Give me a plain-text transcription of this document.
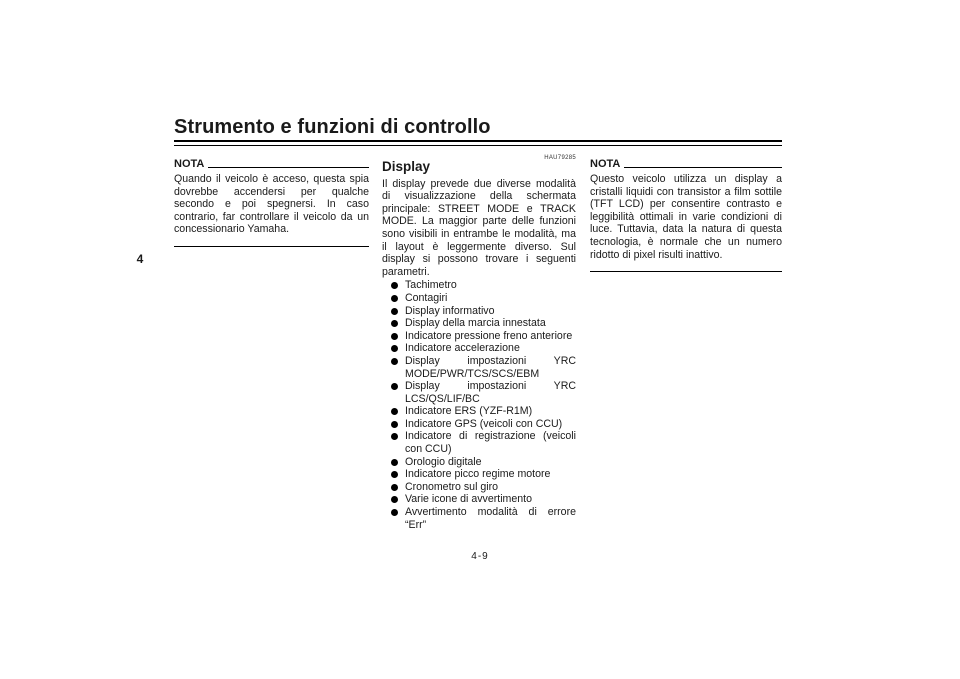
Strumento e funzioni di controllo
4
NOTA

Quando il veicolo è acceso, questa spia dovrebbe accendersi per qualche secondo e poi spegnersi. In caso contrario, far controllare il veicolo da un concessionario Yamaha.

HAU79285
Display

Il display prevede due diverse modalità di visualizzazione della schermata principale: STREET MODE e TRACK MODE. La maggior parte delle funzioni sono visibili in entrambe le modalità, ma il layout è leggermente diverso. Sul display si possono trovare i seguenti parametri.

Tachimetro
Contagiri
Display informativo
Display della marcia innestata
Indicatore pressione freno anteriore
Indicatore accelerazione
Display impostazioni YRC MODE/PWR/TCS/SCS/EBM
Display impostazioni YRC LCS/QS/LIF/BC
Indicatore ERS (YZF-R1M)
Indicatore GPS (veicoli con CCU)
Indicatore di registrazione (veicoli con CCU)
Orologio digitale
Indicatore picco regime motore
Cronometro sul giro
Varie icone di avvertimento
Avvertimento modalità di errore “Err”
NOTA

Questo veicolo utilizza un display a cristalli liquidi con transistor a film sottile (TFT LCD) per consentire contrasto e leggibilità ottimali in varie condizioni di luce. Tuttavia, data la natura di questa tecnologia, è normale che un numero ridotto di pixel risulti inattivo.

4-9
